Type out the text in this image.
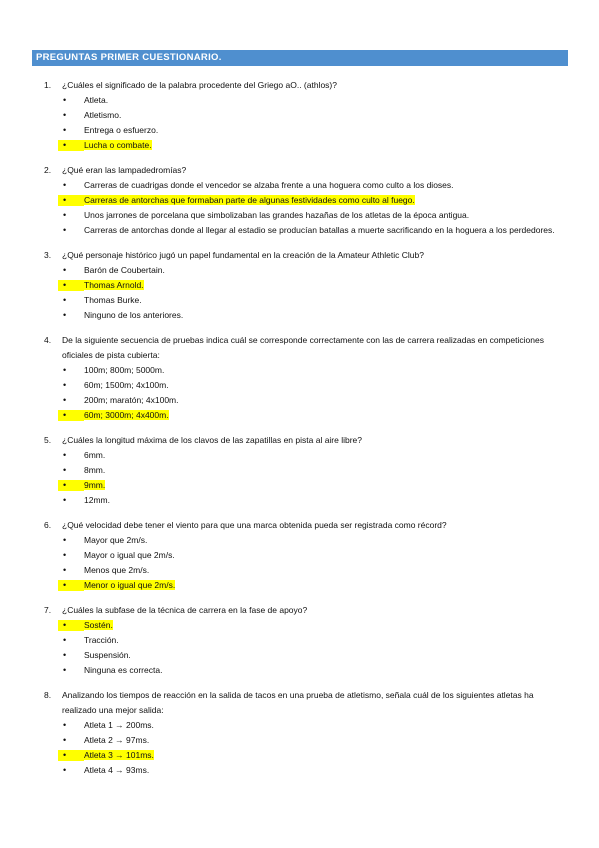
PREGUNTAS PRIMER CUESTIONARIO.
1. ¿Cuáles el significado de la palabra procedente del Griego aO.. (athlos)?
• Atleta.
• Atletismo.
• Entrega o esfuerzo.
• Lucha o combate.
2. ¿Qué eran las lampadedromías?
• Carreras de cuadrigas donde el vencedor se alzaba frente a una hoguera como culto a los dioses.
• Carreras de antorchas que formaban parte de algunas festividades como culto al fuego.
• Unos jarrones de porcelana que simbolizaban las grandes hazañas de los atletas de la época antigua.
• Carreras de antorchas donde al llegar al estadio se producían batallas a muerte sacrificando en la hoguera a los perdedores.
3. ¿Qué personaje histórico jugó un papel fundamental en la creación de la Amateur Athletic Club?
• Barón de Coubertain.
• Thomas Arnold.
• Thomas Burke.
• Ninguno de los anteriores.
4. De la siguiente secuencia de pruebas indica cuál se corresponde correctamente con las de carrera realizadas en competiciones oficiales de pista cubierta:
• 100m; 800m; 5000m.
• 60m; 1500m; 4x100m.
• 200m; maratón; 4x100m.
• 60m; 3000m; 4x400m.
5. ¿Cuáles la longitud máxima de los clavos de las zapatillas en pista al aire libre?
• 6mm.
• 8mm.
• 9mm.
• 12mm.
6. ¿Qué velocidad debe tener el viento para que una marca obtenida pueda ser registrada como récord?
• Mayor que 2m/s.
• Mayor o igual que 2m/s.
• Menos que 2m/s.
• Menor o igual que 2m/s.
7. ¿Cuáles la subfase de la técnica de carrera en la fase de apoyo?
• Sostén.
• Tracción.
• Suspensión.
• Ninguna es correcta.
8. Analizando los tiempos de reacción en la salida de tacos en una prueba de atletismo, señala cuál de los siguientes atletas ha realizado una mejor salida:
• Atleta 1 → 200ms.
• Atleta 2 → 97ms.
• Atleta 3 → 101ms.
• Atleta 4 → 93ms.
